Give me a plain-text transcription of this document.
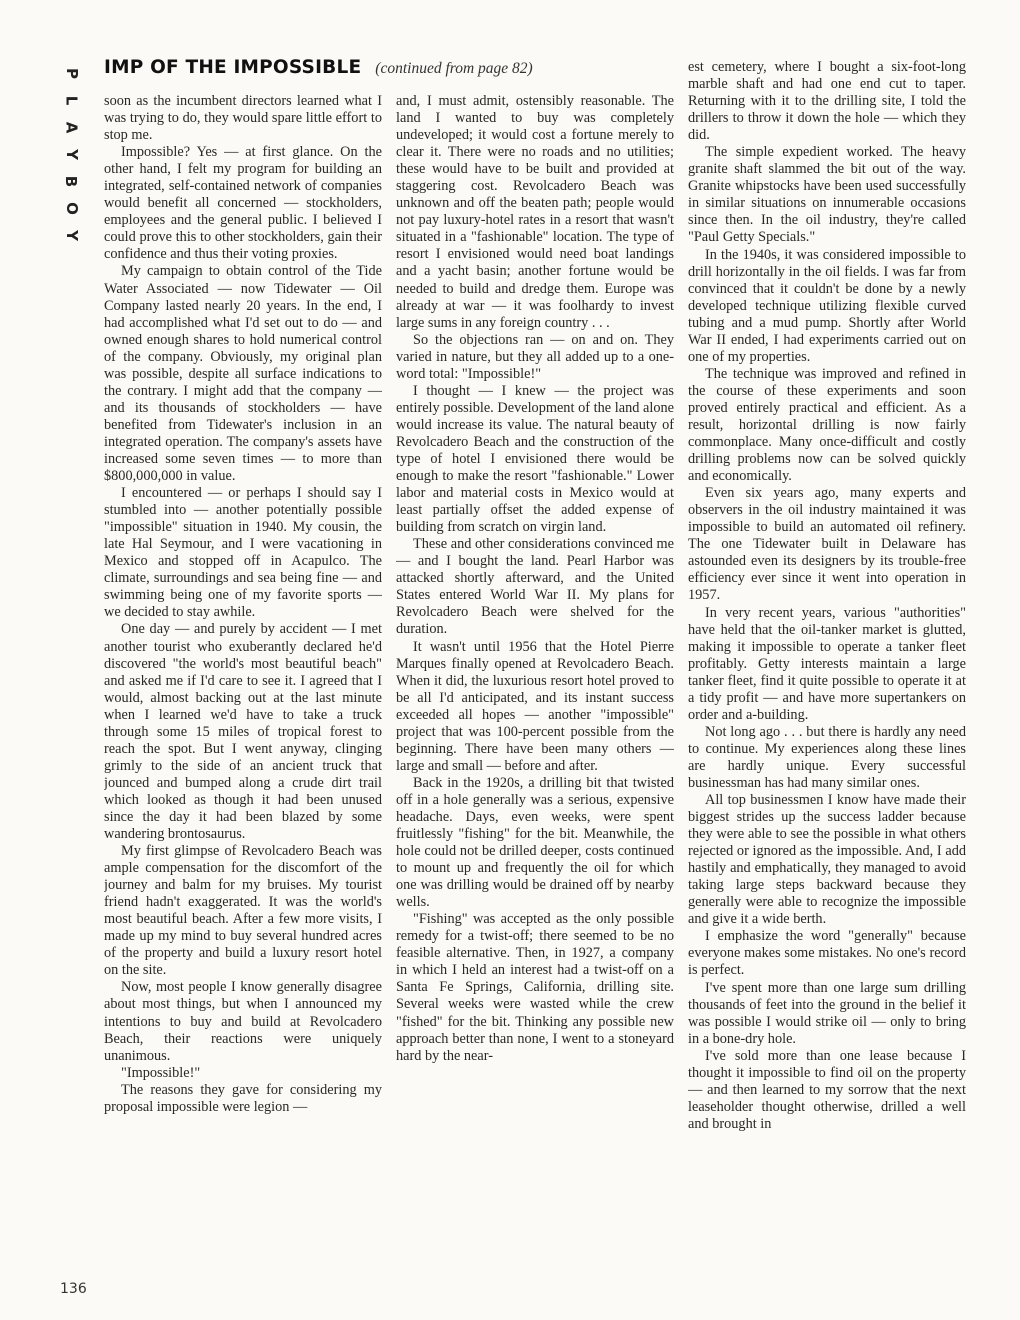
P
L
A
Y
B
O
Y
IMP OF THE IMPOSSIBLE (continued from page 82)

soon as the incumbent directors learned what I was trying to do, they would spare little effort to stop me.

Impossible? Yes — at first glance. On the other hand, I felt my program for building an integrated, self-contained network of companies would benefit all concerned — stockholders, employees and the general public. I believed I could prove this to other stockholders, gain their confidence and thus their voting proxies.

My campaign to obtain control of the Tide Water Associated — now Tidewater — Oil Company lasted nearly 20 years. In the end, I had accomplished what I'd set out to do — and owned enough shares to hold numerical control of the company. Obviously, my original plan was possible, despite all surface indications to the contrary. I might add that the company — and its thousands of stockholders — have benefited from Tidewater's inclusion in an integrated operation. The company's assets have increased some seven times — to more than $800,000,000 in value.

I encountered — or perhaps I should say I stumbled into — another potentially possible "impossible" situation in 1940. My cousin, the late Hal Seymour, and I were vacationing in Mexico and stopped off in Acapulco. The climate, surroundings and sea being fine — and swimming being one of my favorite sports — we decided to stay awhile.

One day — and purely by accident — I met another tourist who exuberantly declared he'd discovered "the world's most beautiful beach" and asked me if I'd care to see it. I agreed that I would, almost backing out at the last minute when I learned we'd have to take a truck through some 15 miles of tropical forest to reach the spot. But I went anyway, clinging grimly to the side of an ancient truck that jounced and bumped along a crude dirt trail which looked as though it had been unused since the day it had been blazed by some wandering brontosaurus.

My first glimpse of Revolcadero Beach was ample compensation for the discomfort of the journey and balm for my bruises. My tourist friend hadn't exaggerated. It was the world's most beautiful beach. After a few more visits, I made up my mind to buy several hundred acres of the property and build a luxury resort hotel on the site.

Now, most people I know generally disagree about most things, but when I announced my intentions to buy and build at Revolcadero Beach, their reactions were uniquely unanimous.

"Impossible!"

The reasons they gave for considering my proposal impossible were legion —

and, I must admit, ostensibly reasonable. The land I wanted to buy was completely undeveloped; it would cost a fortune merely to clear it. There were no roads and no utilities; these would have to be built and provided at staggering cost. Revolcadero Beach was unknown and off the beaten path; people would not pay luxury-hotel rates in a resort that wasn't situated in a "fashionable" location. The type of resort I envisioned would need boat landings and a yacht basin; another fortune would be needed to build and dredge them. Europe was already at war — it was foolhardy to invest large sums in any foreign country . . .

So the objections ran — on and on. They varied in nature, but they all added up to a one-word total: "Impossible!"

I thought — I knew — the project was entirely possible. Development of the land alone would increase its value. The natural beauty of Revolcadero Beach and the construction of the type of hotel I envisioned there would be enough to make the resort "fashionable." Lower labor and material costs in Mexico would at least partially offset the added expense of building from scratch on virgin land.

These and other considerations convinced me — and I bought the land. Pearl Harbor was attacked shortly afterward, and the United States entered World War II. My plans for Revolcadero Beach were shelved for the duration.

It wasn't until 1956 that the Hotel Pierre Marques finally opened at Revolcadero Beach. When it did, the luxurious resort hotel proved to be all I'd anticipated, and its instant success exceeded all hopes — another "impossible" project that was 100-percent possible from the beginning. There have been many others — large and small — before and after.

Back in the 1920s, a drilling bit that twisted off in a hole generally was a serious, expensive headache. Days, even weeks, were spent fruitlessly "fishing" for the bit. Meanwhile, the hole could not be drilled deeper, costs continued to mount up and frequently the oil for which one was drilling would be drained off by nearby wells.

"Fishing" was accepted as the only possible remedy for a twist-off; there seemed to be no feasible alternative. Then, in 1927, a company in which I held an interest had a twist-off on a Santa Fe Springs, California, drilling site. Several weeks were wasted while the crew "fished" for the bit. Thinking any possible new approach better than none, I went to a stoneyard hard by the near-

est cemetery, where I bought a six-foot-long marble shaft and had one end cut to taper. Returning with it to the drilling site, I told the drillers to throw it down the hole — which they did.

The simple expedient worked. The heavy granite shaft slammed the bit out of the way. Granite whipstocks have been used successfully in similar situations on innumerable occasions since then. In the oil industry, they're called "Paul Getty Specials."

In the 1940s, it was considered impossible to drill horizontally in the oil fields. I was far from convinced that it couldn't be done by a newly developed technique utilizing flexible curved tubing and a mud pump. Shortly after World War II ended, I had experiments carried out on one of my properties.

The technique was improved and refined in the course of these experiments and soon proved entirely practical and efficient. As a result, horizontal drilling is now fairly commonplace. Many once-difficult and costly drilling problems now can be solved quickly and economically.

Even six years ago, many experts and observers in the oil industry maintained it was impossible to build an automated oil refinery. The one Tidewater built in Delaware has astounded even its designers by its trouble-free efficiency ever since it went into operation in 1957.

In very recent years, various "authorities" have held that the oil-tanker market is glutted, making it impossible to operate a tanker fleet profitably. Getty interests maintain a large tanker fleet, find it quite possible to operate it at a tidy profit — and have more supertankers on order and a-building.

Not long ago . . . but there is hardly any need to continue. My experiences along these lines are hardly unique. Every successful businessman has had many similar ones.

All top businessmen I know have made their biggest strides up the success ladder because they were able to see the possible in what others rejected or ignored as the impossible. And, I add hastily and emphatically, they managed to avoid taking large steps backward because they generally were able to recognize the impossible and give it a wide berth.

I emphasize the word "generally" because everyone makes some mistakes. No one's record is perfect.

I've spent more than one large sum drilling thousands of feet into the ground in the belief it was possible I would strike oil — only to bring in a bone-dry hole.

I've sold more than one lease because I thought it impossible to find oil on the property — and then learned to my sorrow that the next leaseholder thought otherwise, drilled a well and brought in

136
